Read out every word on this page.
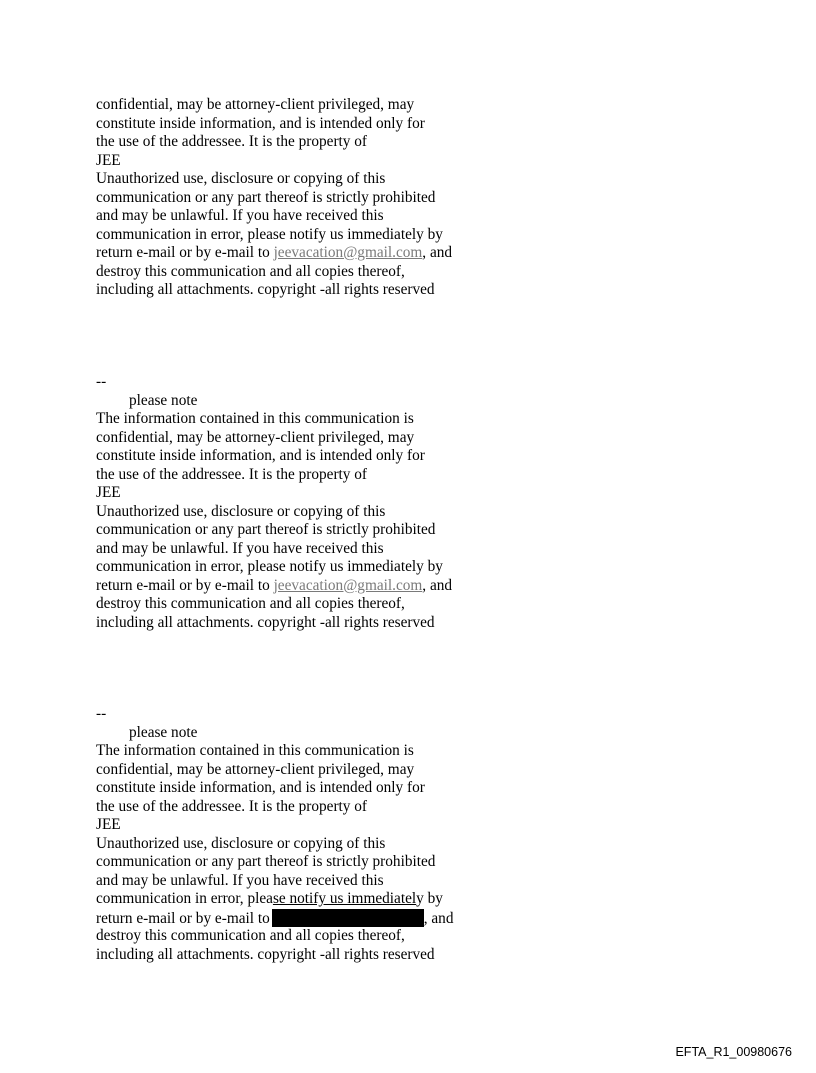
confidential, may be attorney-client privileged, may
constitute inside information, and is intended only for
the use of the addressee. It is the property of
JEE
Unauthorized use, disclosure or copying of this
communication or any part thereof is strictly prohibited
and may be unlawful. If you have received this
communication in error, please notify us immediately by
return e-mail or by e-mail to jeevacation@gmail.com, and
destroy this communication and all copies thereof,
including all attachments. copyright -all rights reserved
--
please note
The information contained in this communication is
confidential, may be attorney-client privileged, may
constitute inside information, and is intended only for
the use of the addressee. It is the property of
JEE
Unauthorized use, disclosure or copying of this
communication or any part thereof is strictly prohibited
and may be unlawful. If you have received this
communication in error, please notify us immediately by
return e-mail or by e-mail to jeevacation@gmail.com, and
destroy this communication and all copies thereof,
including all attachments. copyright -all rights reserved
--
please note
The information contained in this communication is
confidential, may be attorney-client privileged, may
constitute inside information, and is intended only for
the use of the addressee. It is the property of
JEE
Unauthorized use, disclosure or copying of this
communication or any part thereof is strictly prohibited
and may be unlawful. If you have received this
communication in error, please notify us immediately by
return e-mail or by e-mail to	, and
destroy this communication and all copies thereof,
including all attachments. copyright -all rights reserved
EFTA_R1_00980676
